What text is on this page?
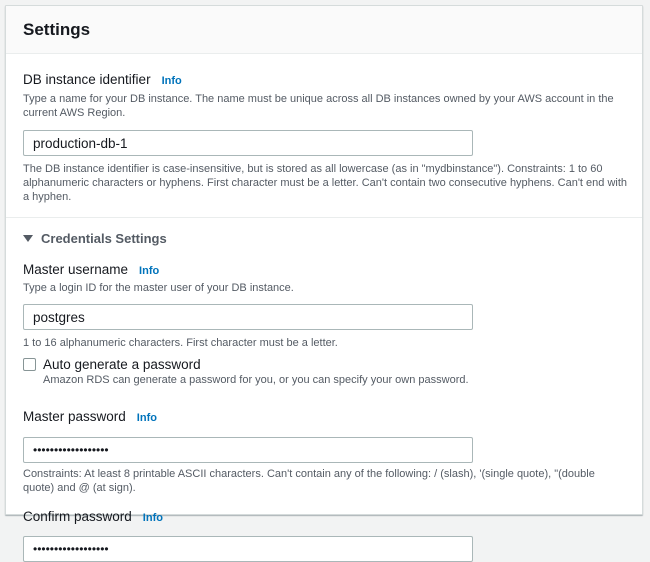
Settings
DB instance identifier Info
Type a name for your DB instance. The name must be unique across all DB instances owned by your AWS account in the current AWS Region.
production-db-1
The DB instance identifier is case-insensitive, but is stored as all lowercase (as in "mydbinstance"). Constraints: 1 to 60 alphanumeric characters or hyphens. First character must be a letter. Can't contain two consecutive hyphens. Can't end with a hyphen.
Credentials Settings
Master username Info
Type a login ID for the master user of your DB instance.
postgres
1 to 16 alphanumeric characters. First character must be a letter.
Auto generate a password
Amazon RDS can generate a password for you, or you can specify your own password.
Master password Info
••••••••••••••••••
Constraints: At least 8 printable ASCII characters. Can't contain any of the following: / (slash), '(single quote), "(double quote) and @ (at sign).
Confirm password Info
••••••••••••••••••
